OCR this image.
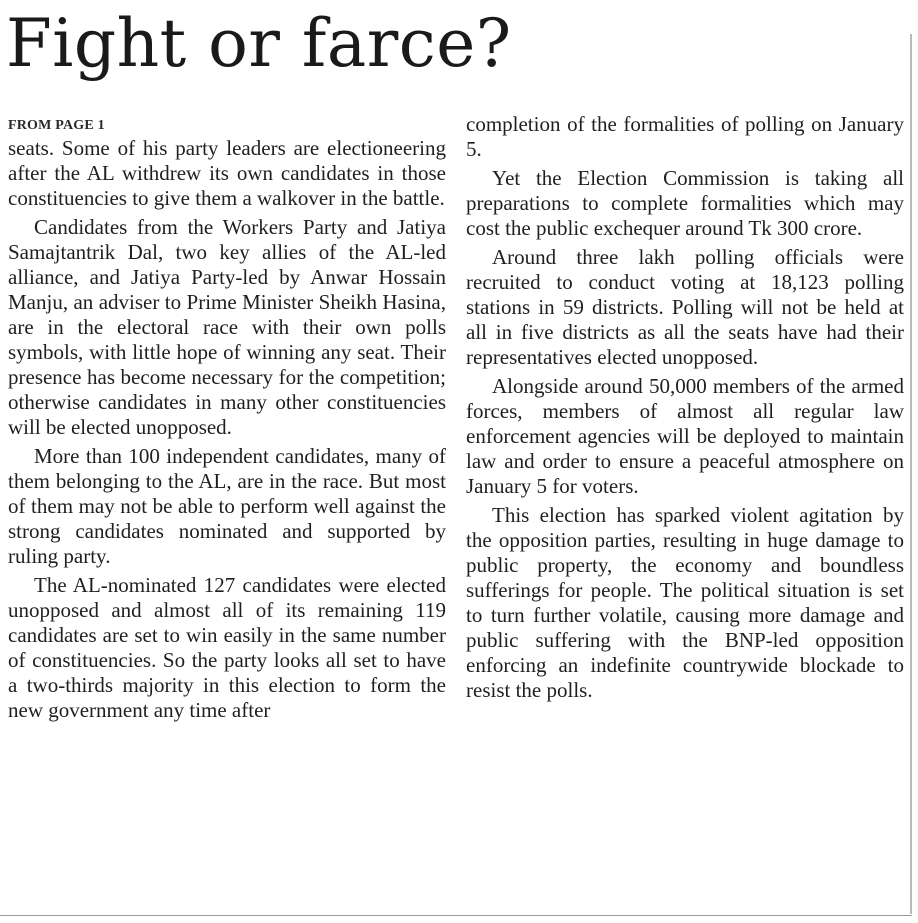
Fight or farce?
FROM PAGE 1

seats. Some of his party leaders are electioneering after the AL withdrew its own candidates in those constituencies to give them a walkover in the battle.

Candidates from the Workers Party and Jatiya Samajtantrik Dal, two key allies of the AL-led alliance, and Jatiya Party-led by Anwar Hossain Manju, an adviser to Prime Minister Sheikh Hasina, are in the electoral race with their own polls symbols, with little hope of winning any seat. Their presence has become necessary for the competition; otherwise candidates in many other constituencies will be elected unopposed.

More than 100 independent candidates, many of them belonging to the AL, are in the race. But most of them may not be able to perform well against the strong candidates nominated and supported by ruling party.

The AL-nominated 127 candidates were elected unopposed and almost all of its remaining 119 candidates are set to win easily in the same number of constituencies. So the party looks all set to have a two-thirds majority in this election to form the new government any time after

completion of the formalities of polling on January 5.

Yet the Election Commission is taking all preparations to complete formalities which may cost the public exchequer around Tk 300 crore.

Around three lakh polling officials were recruited to conduct voting at 18,123 polling stations in 59 districts. Polling will not be held at all in five districts as all the seats have had their representatives elected unopposed.

Alongside around 50,000 members of the armed forces, members of almost all regular law enforcement agencies will be deployed to maintain law and order to ensure a peaceful atmosphere on January 5 for voters.

This election has sparked violent agitation by the opposition parties, resulting in huge damage to public property, the economy and boundless sufferings for people. The political situation is set to turn further volatile, causing more damage and public suffering with the BNP-led opposition enforcing an indefinite countrywide blockade to resist the polls.
